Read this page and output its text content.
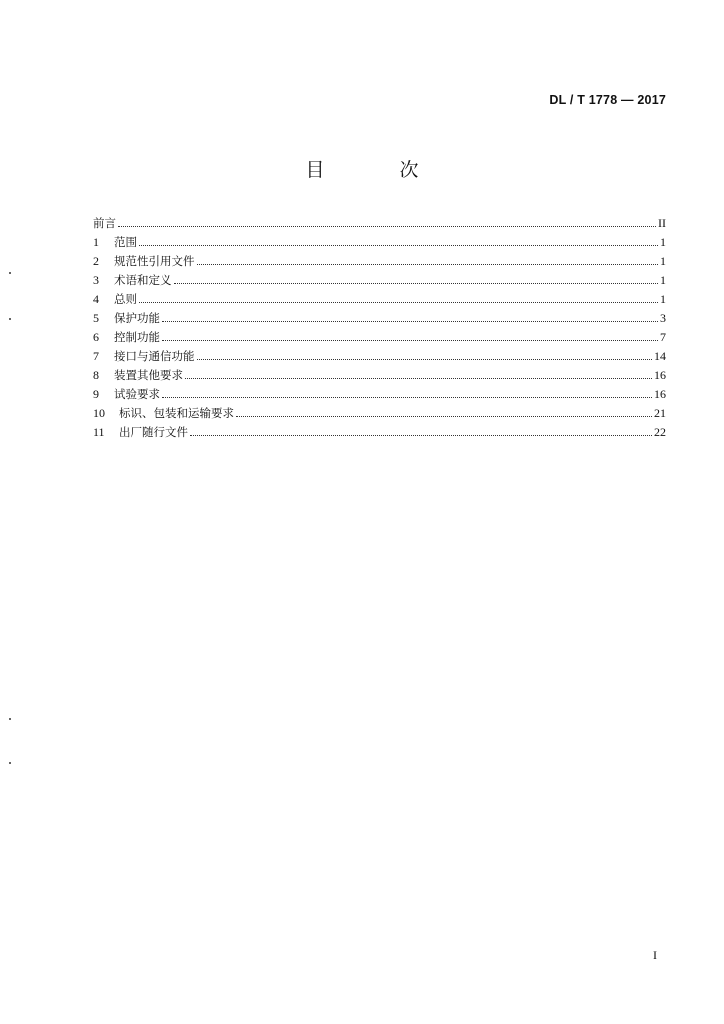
DL / T 1778 — 2017
目　次
前言	II
1	范围	1
2	规范性引用文件	1
3	术语和定义	1
4	总则	1
5	保护功能	3
6	控制功能	7
7	接口与通信功能	14
8	装置其他要求	16
9	试验要求	16
10	标识、包装和运输要求	21
11	出厂随行文件	22
I
